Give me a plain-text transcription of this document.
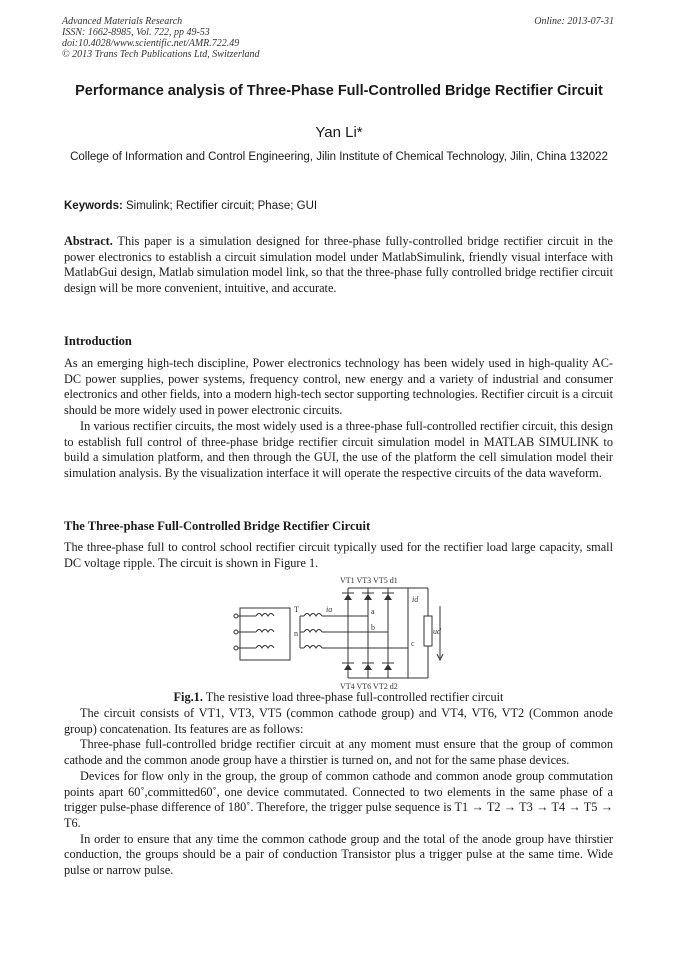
Advanced Materials Research
ISSN: 1662-8985, Vol. 722, pp 49-53
doi:10.4028/www.scientific.net/AMR.722.49
© 2013 Trans Tech Publications Ltd, Switzerland
Online: 2013-07-31
Performance analysis of Three-Phase Full-Controlled Bridge Rectifier Circuit
Yan Li*
College of Information and Control Engineering, Jilin Institute of Chemical Technology, Jilin, China 132022
Keywords: Simulink; Rectifier circuit; Phase; GUI

Abstract. This paper is a simulation designed for three-phase fully-controlled bridge rectifier circuit in the power electronics to establish a circuit simulation model under MatlabSimulink, friendly visual interface with MatlabGui design, Matlab simulation model link, so that the three-phase fully controlled bridge rectifier circuit design will be more convenient, intuitive, and accurate.

Introduction

As an emerging high-tech discipline, Power electronics technology has been widely used in high-quality AC-DC power supplies, power systems, frequency control, new energy and a variety of industrial and consumer electronics and other fields, into a modern high-tech sector supporting technologies. Rectifier circuit is a circuit should be more widely used in power electronic circuits.

In various rectifier circuits, the most widely used is a three-phase full-controlled rectifier circuit, this design to establish full control of three-phase bridge rectifier circuit simulation model in MATLAB SIMULINK to build a simulation platform, and then through the GUI, the use of the platform the cell simulation model their simulation analysis. By the visualization interface it will operate the respective circuits of the data waveform.

The Three-phase Full-Controlled Bridge Rectifier Circuit

The three-phase full to control school rectifier circuit typically used for the rectifier load large capacity, small DC voltage ripple. The circuit is shown in Figure 1.

VT1 VT3 VT5 d1
VT4 VT6 VT2 d2
T
n
ia
id
ud
a
b
c
Fig.1. The resistive load three-phase full-controlled rectifier circuit

The circuit consists of VT1, VT3, VT5 (common cathode group) and VT4, VT6, VT2 (Common anode group) concatenation. Its features are as follows:

Three-phase full-controlled bridge rectifier circuit at any moment must ensure that the group of common cathode and the common anode group have a thirstier is turned on, and not for the same phase devices.

Devices for flow only in the group, the group of common cathode and common anode group commutation points apart 60˚,committed60˚, one device commutated. Connected to two elements in the same phase of a trigger pulse-phase difference of 180˚. Therefore, the trigger pulse sequence is T1 → T2 → T3 → T4 → T5 → T6.

In order to ensure that any time the common cathode group and the total of the anode group have thirstier conduction, the groups should be a pair of conduction Transistor plus a trigger pulse at the same time. Wide pulse or narrow pulse.
